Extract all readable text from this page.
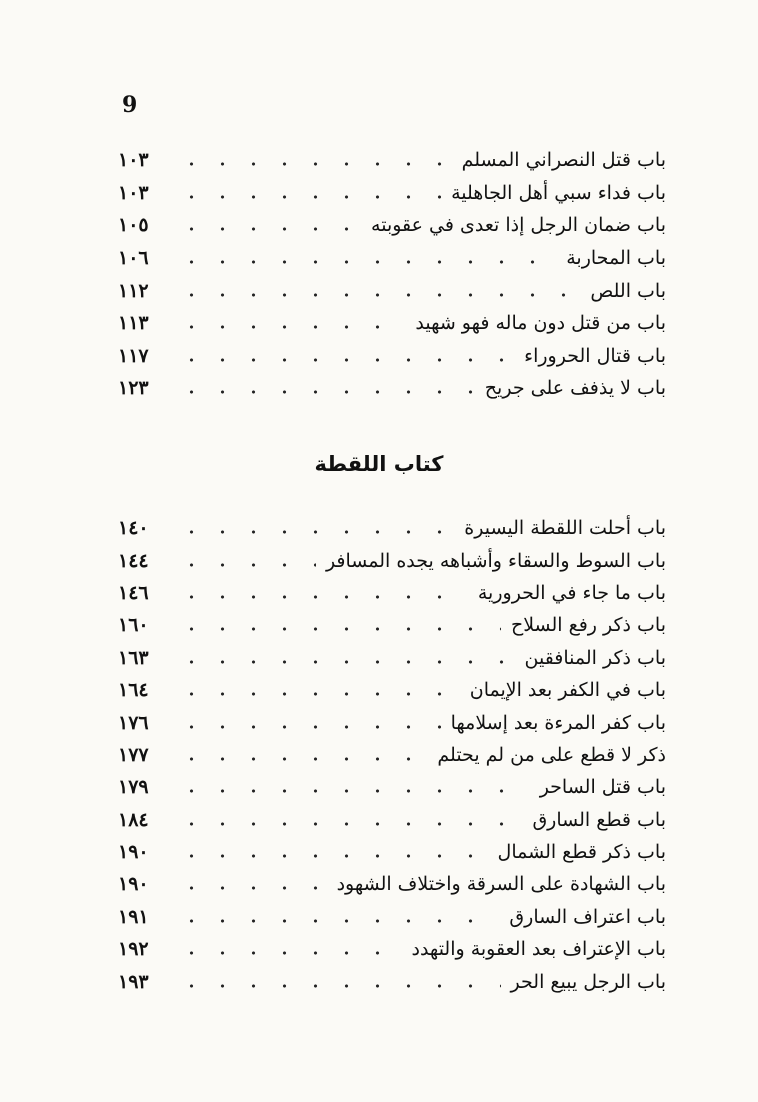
9
باب قتل النصراني المسلم
١٠٣
باب فداء سبي أهل الجاهلية
١٠٣
باب ضمان الرجل إذا تعدى في عقوبته
١٠٥
باب المحاربة
١٠٦
باب اللص
١١٢
باب من قتل دون ماله فهو شهيد
١١٣
باب قتال الحروراء
١١٧
باب لا يذفف على جريح
١٢٣
كتاب اللقطة
باب أحلت اللقطة اليسيرة
١٤٠
باب السوط والسقاء وأشباهه يجده المسافر
١٤٤
باب ما جاء في الحرورية
١٤٦
باب ذكر رفع السلاح
١٦٠
باب ذكر المنافقين
١٦٣
باب في الكفر بعد الإيمان
١٦٤
باب كفر المرءة بعد إسلامها
١٧٦
ذكر لا قطع على من لم يحتلم
١٧٧
باب قتل الساحر
١٧٩
باب قطع السارق
١٨٤
باب ذكر قطع الشمال
١٩٠
باب الشهادة على السرقة واختلاف الشهود
١٩٠
باب اعتراف السارق
١٩١
باب الإعتراف بعد العقوبة والتهدد
١٩٢
باب الرجل يبيع الحر
١٩٣
